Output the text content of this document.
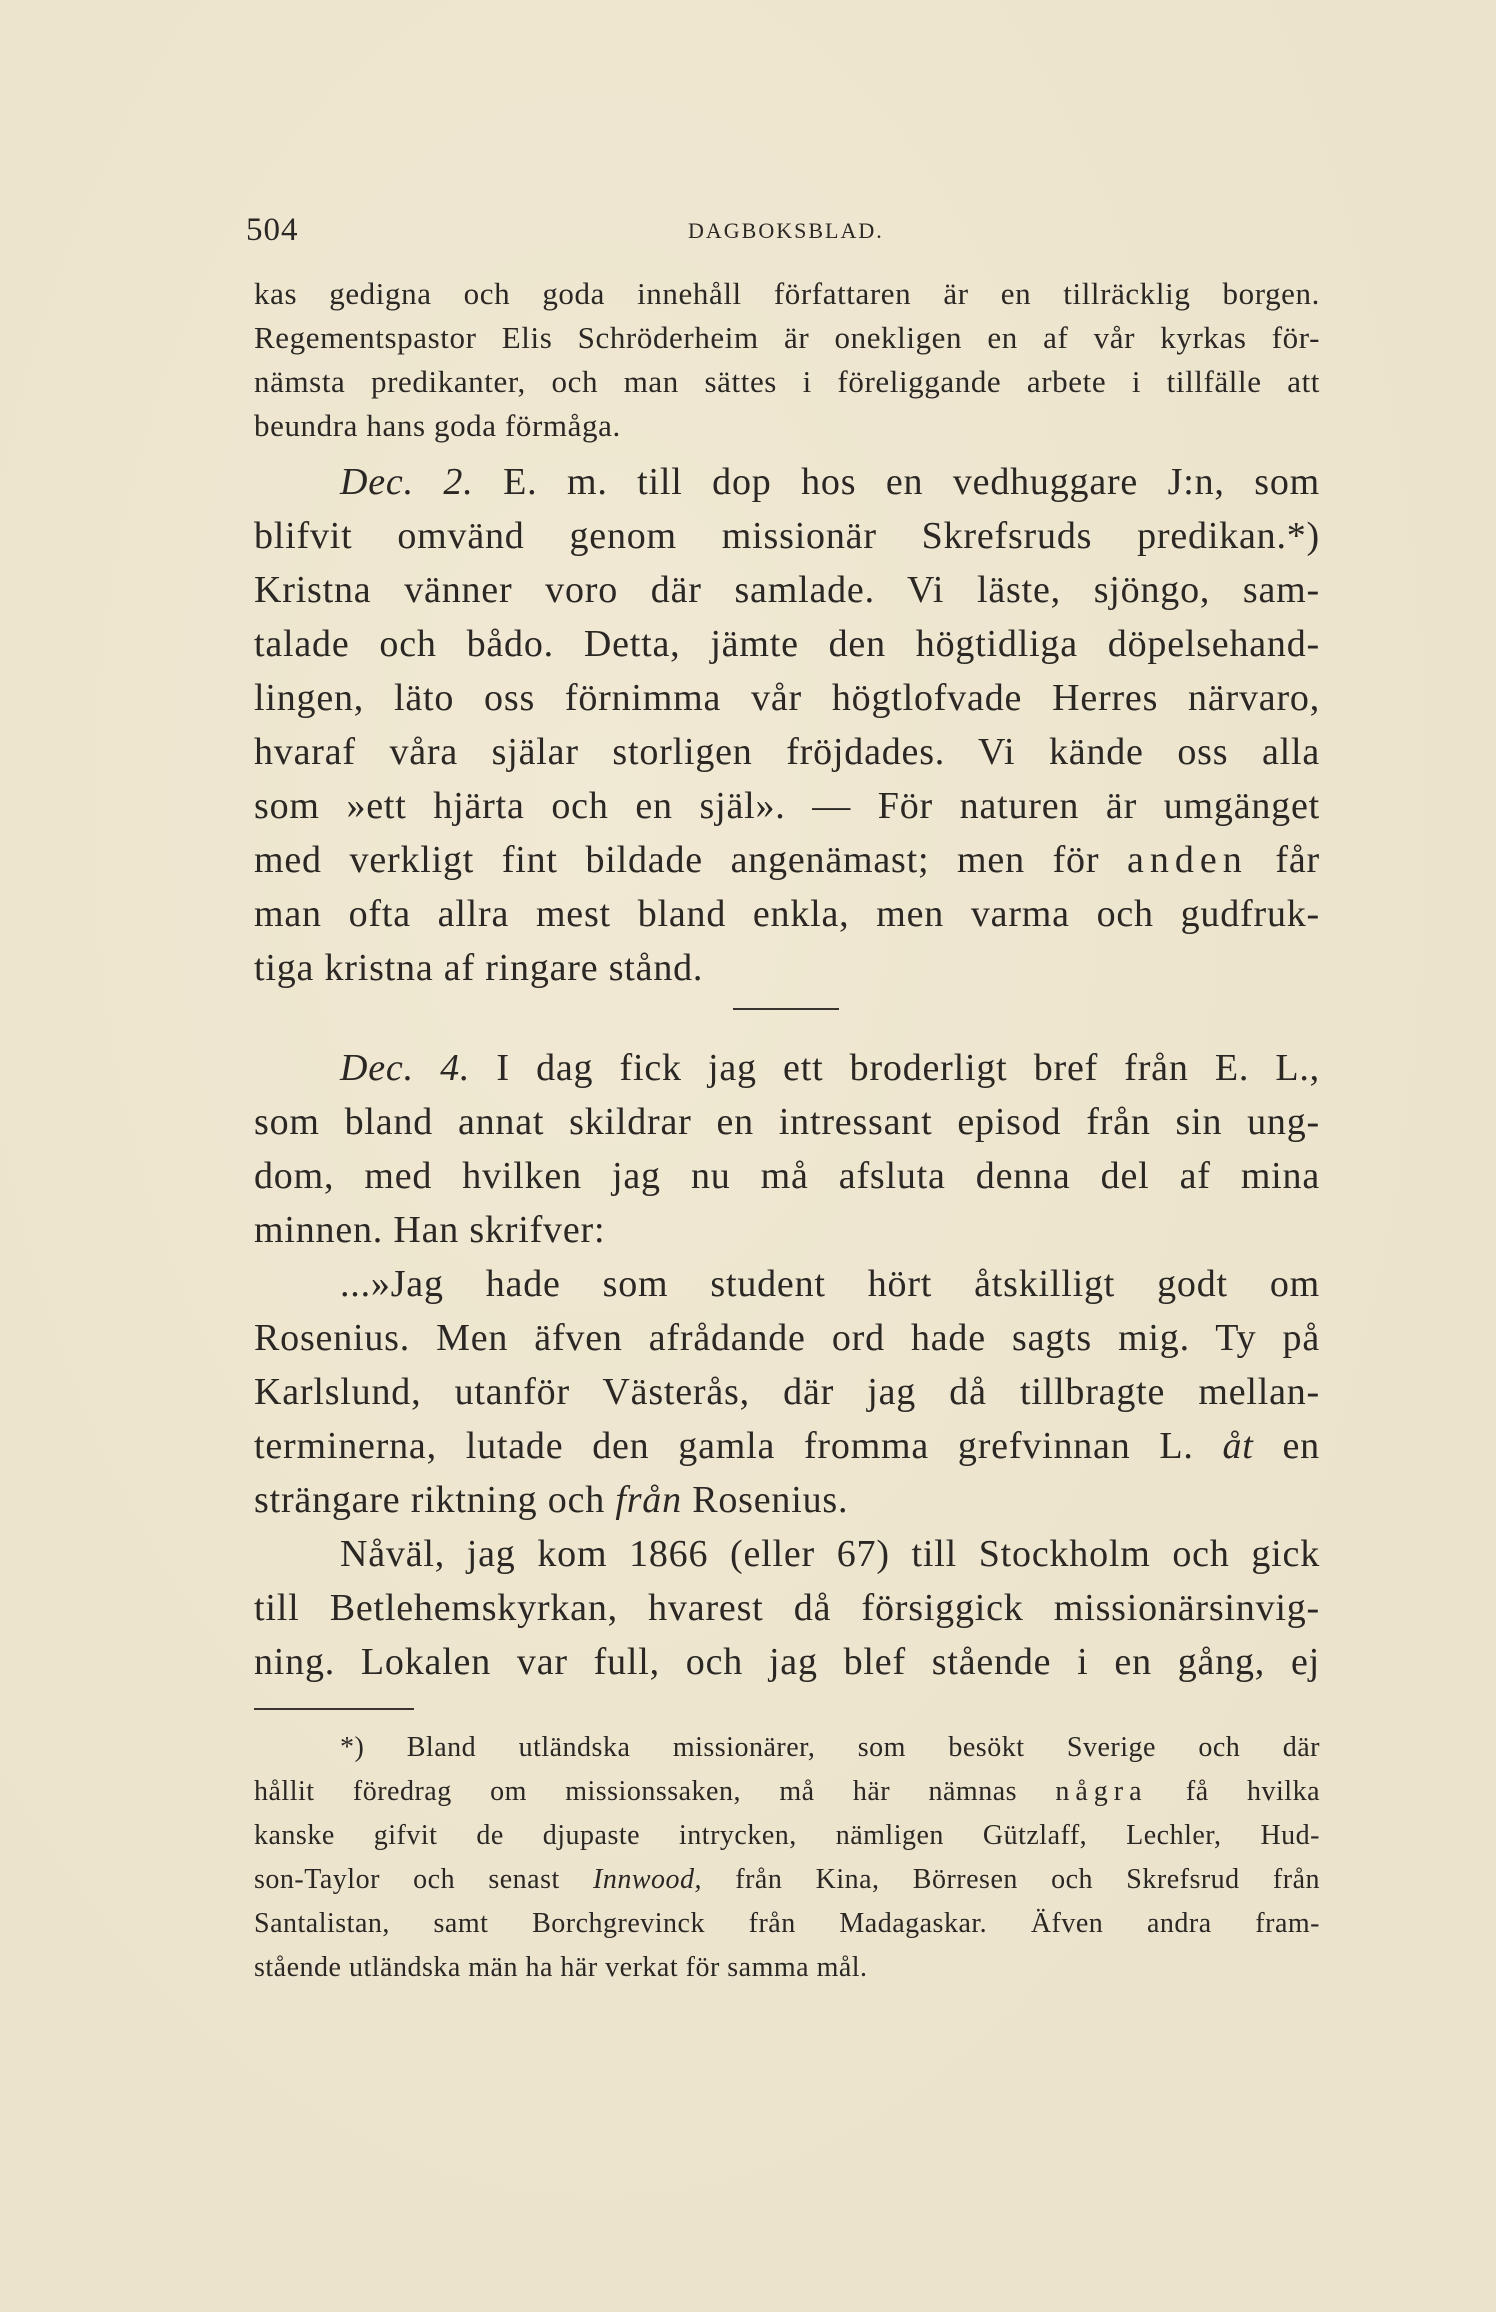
504	DAGBOKSBLAD.
kas gedigna och goda innehåll författaren är en tillräcklig borgen.
Regementspastor Elis Schröderheim är onekligen en af vår kyrkas för-
nämsta predikanter, och man sättes i föreliggande arbete i tillfälle att
beundra hans goda förmåga.
Dec. 2. E. m. till dop hos en vedhuggare J:n, som
blifvit omvänd genom missionär Skrefsruds predikan.*)
Kristna vänner voro där samlade. Vi läste, sjöngo, sam-
talade och bådo. Detta, jämte den högtidliga döpelsehand-
lingen, läto oss förnimma vår högtlofvade Herres närvaro,
hvaraf våra själar storligen fröjdades. Vi kände oss alla
som »ett hjärta och en själ». — För naturen är umgänget
med verkligt fint bildade angenämast; men för anden får
man ofta allra mest bland enkla, men varma och gudfruk-
tiga kristna af ringare stånd.
Dec. 4. I dag fick jag ett broderligt bref från E. L.,
som bland annat skildrar en intressant episod från sin ung-
dom, med hvilken jag nu må afsluta denna del af mina
minnen. Han skrifver:
...»Jag hade som student hört åtskilligt godt om
Rosenius. Men äfven afrådande ord hade sagts mig. Ty på
Karlslund, utanför Västerås, där jag då tillbragte mellan-
terminerna, lutade den gamla fromma grefvinnan L. åt en
strängare riktning och från Rosenius.
Nåväl, jag kom 1866 (eller 67) till Stockholm och gick
till Betlehemskyrkan, hvarest då försiggick missionärsinvig-
ning. Lokalen var full, och jag blef stående i en gång, ej
*) Bland utländska missionärer, som besökt Sverige och där
hållit föredrag om missionssaken, må här nämnas några få hvilka
kanske gifvit de djupaste intrycken, nämligen Gützlaff, Lechler, Hud-
son-Taylor och senast Innwood, från Kina, Börresen och Skrefsrud från
Santalistan, samt Borchgrevinck från Madagaskar. Äfven andra fram-
stående utländska män ha här verkat för samma mål.
